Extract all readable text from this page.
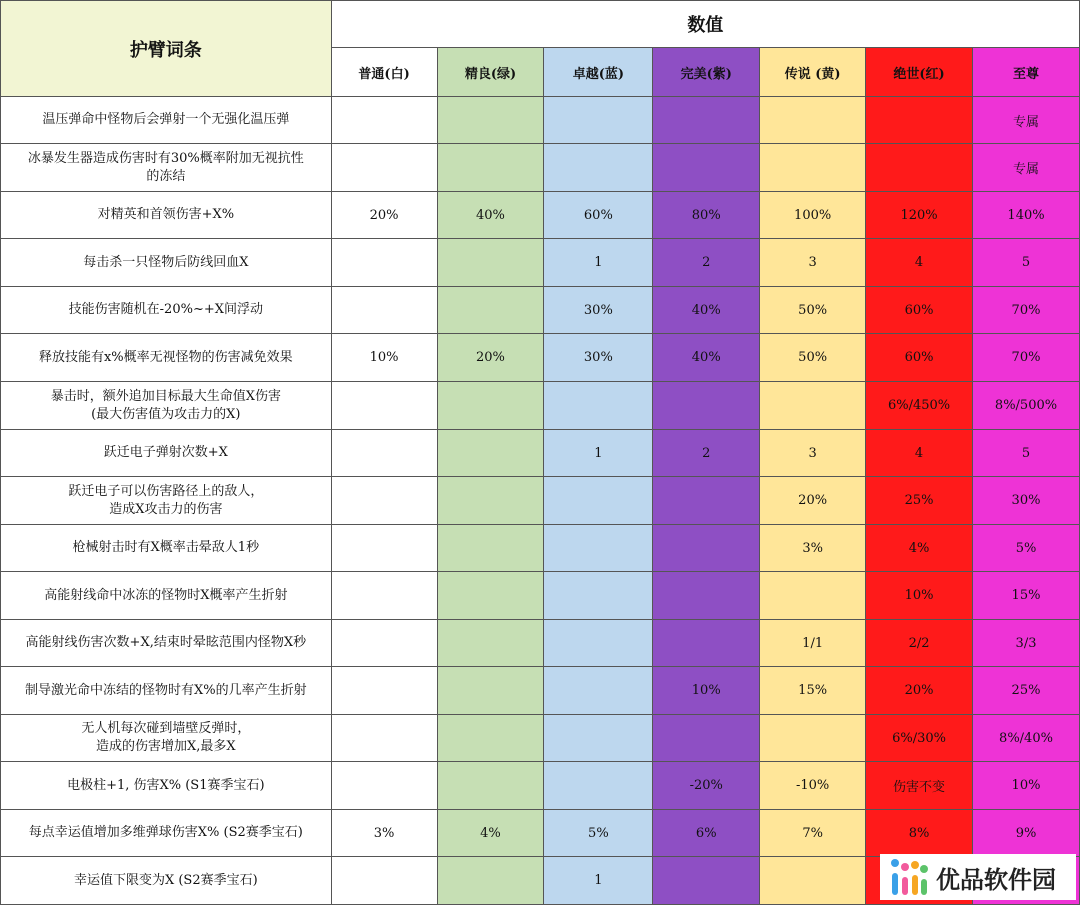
护臂词条	数值						
	普通(白)	精良(绿)	卓越(蓝)	完美(紫)	传说 (黄)	绝世(红)	至尊
温压弹命中怪物后会弹射一个无强化温压弹							专属
冰暴发生器造成伤害时有30%概率附加无视抗性
的冻结							专属
对精英和首领伤害+X%	20%	40%	60%	80%	100%	120%	140%
每击杀一只怪物后防线回血X			1	2	3	4	5
技能伤害随机在-20%~+X间浮动			30%	40%	50%	60%	70%
释放技能有x%概率无视怪物的伤害减免效果	10%	20%	30%	40%	50%	60%	70%
暴击时，额外追加目标最大生命值X伤害
(最大伤害值为攻击力的X)						6%/450%	8%/500%
跃迁电子弹射次数+X			1	2	3	4	5
跃迁电子可以伤害路径上的敌人，
造成X攻击力的伤害					20%	25%	30%
枪械射击时有X概率击晕敌人1秒					3%	4%	5%
高能射线命中冰冻的怪物时X概率产生折射						10%	15%
高能射线伤害次数+X,结束时晕眩范围内怪物X秒					1/1	2/2	3/3
制导激光命中冻结的怪物时有X%的几率产生折射				10%	15%	20%	25%
无人机每次碰到墙壁反弹时，
造成的伤害增加X,最多X						6%/30%	8%/40%
电极柱+1, 伤害X% (S1赛季宝石)				-20%	-10%	伤害不变	10%
每点幸运值增加多维弹球伤害X% (S2赛季宝石)	3%	4%	5%	6%	7%	8%	9%
幸运值下限变为X (S2赛季宝石)			1					优品软件园
